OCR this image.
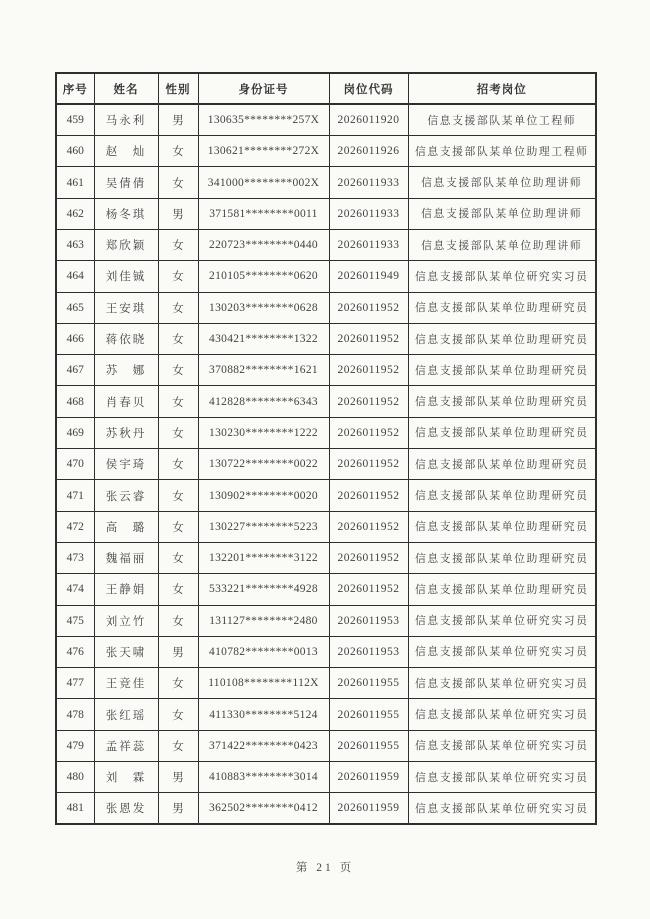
序号	姓名	性别	身份证号	岗位代码	招考岗位
459	马永利	男	130635********257X	2026011920	信息支援部队某单位工程师
460	赵　灿	女	130621********272X	2026011926	信息支援部队某单位助理工程师
461	吴倩倩	女	341000********002X	2026011933	信息支援部队某单位助理讲师
462	杨冬琪	男	371581********0011	2026011933	信息支援部队某单位助理讲师
463	郑欣颖	女	220723********0440	2026011933	信息支援部队某单位助理讲师
464	刘佳铖	女	210105********0620	2026011949	信息支援部队某单位研究实习员
465	王安琪	女	130203********0628	2026011952	信息支援部队某单位助理研究员
466	蒋依晓	女	430421********1322	2026011952	信息支援部队某单位助理研究员
467	苏　娜	女	370882********1621	2026011952	信息支援部队某单位助理研究员
468	肖春贝	女	412828********6343	2026011952	信息支援部队某单位助理研究员
469	苏秋丹	女	130230********1222	2026011952	信息支援部队某单位助理研究员
470	侯宇琦	女	130722********0022	2026011952	信息支援部队某单位助理研究员
471	张云睿	女	130902********0020	2026011952	信息支援部队某单位助理研究员
472	高　璐	女	130227********5223	2026011952	信息支援部队某单位助理研究员
473	魏福丽	女	132201********3122	2026011952	信息支援部队某单位助理研究员
474	王静娟	女	533221********4928	2026011952	信息支援部队某单位助理研究员
475	刘立竹	女	131127********2480	2026011953	信息支援部队某单位研究实习员
476	张天啸	男	410782********0013	2026011953	信息支援部队某单位研究实习员
477	王竞佳	女	110108********112X	2026011955	信息支援部队某单位研究实习员
478	张红瑶	女	411330********5124	2026011955	信息支援部队某单位研究实习员
479	孟祥蕊	女	371422********0423	2026011955	信息支援部队某单位研究实习员
480	刘　霖	男	410883********3014	2026011959	信息支援部队某单位研究实习员
481	张恩发	男	362502********0412	2026011959	信息支援部队某单位研究实习员
第 21 页
